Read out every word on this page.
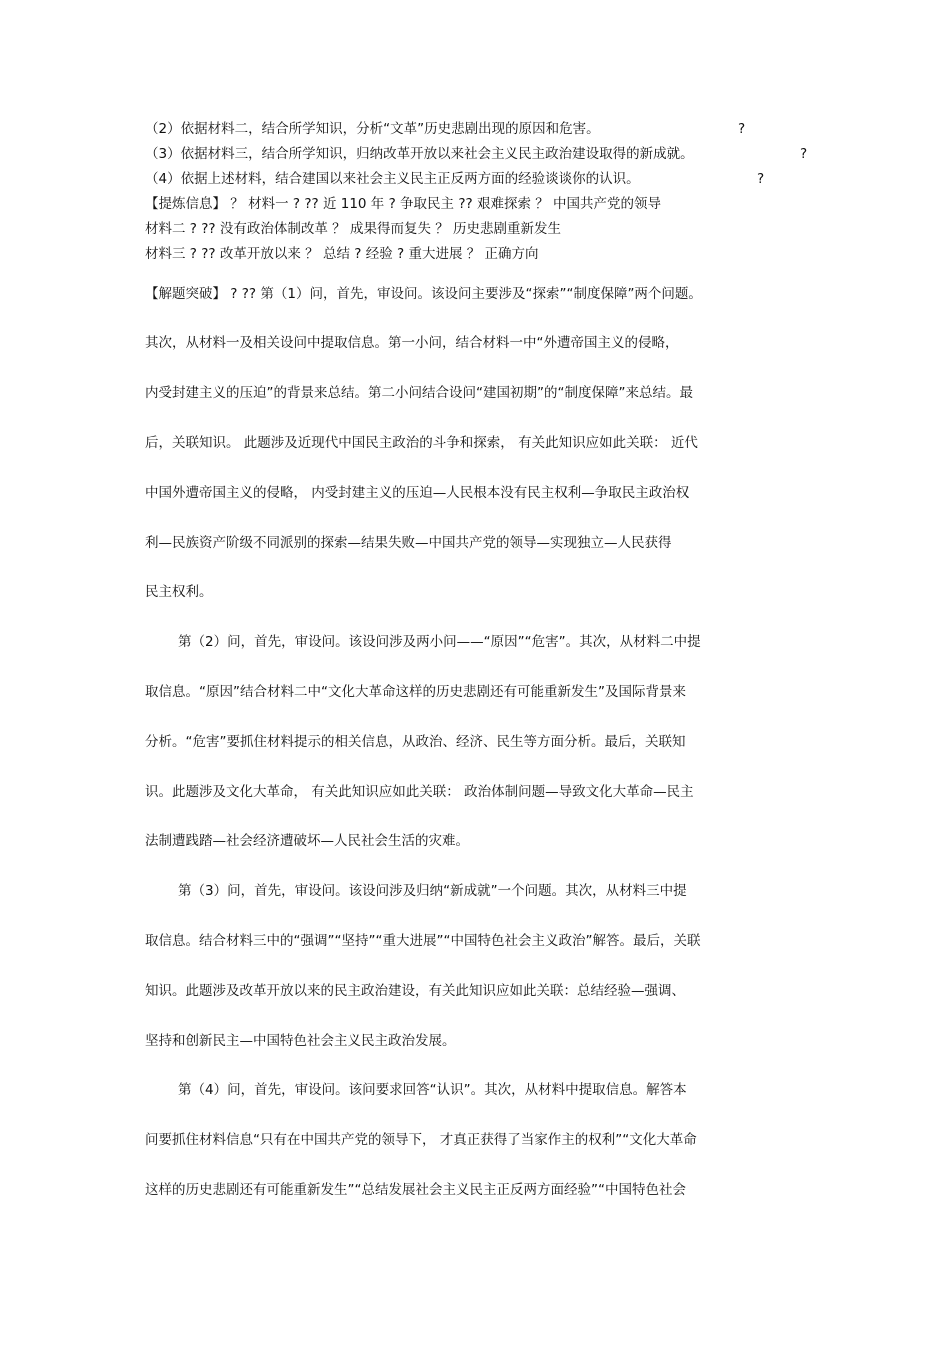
（2）依据材料二，结合所学知识，分析“文革”历史悲剧出现的原因和危害。	?
（3）依据材料三，结合所学知识，归纳改革开放以来社会主义民主政治建设取得的新成就。	?
（4）依据上述材料，结合建国以来社会主义民主正反两方面的经验谈谈你的认识。	?
【提炼信息】 ？ 材料一 ? ?? 近 110 年 ? 争取民主 ?? 艰难探索 ？ 中国共产党的领导
材料二 ? ?? 没有政治体制改革 ？ 成果得而复失 ？ 历史悲剧重新发生
材料三 ? ?? 改革开放以来 ？ 总结 ? 经验 ? 重大进展 ？ 正确方向
【解题突破】 ? ?? 第（1）问，首先，审设问。该设问主要涉及“探索”“制度保障”两个问题。
其次，从材料一及相关设问中提取信息。第一小问，结合材料一中“外遭帝国主义的侵略，
内受封建主义的压迫”的背景来总结。第二小问结合设问“建国初期”的“制度保障”来总结。最
后，关联知识。 此题涉及近现代中国民主政治的斗争和探索， 有关此知识应如此关联： 近代
中国外遭帝国主义的侵略， 内受封建主义的压迫—人民根本没有民主权利—争取民主政治权
利—民族资产阶级不同派别的探索—结果失败—中国共产党的领导—实现独立—人民获得
民主权利。
第（2）问，首先，审设问。该设问涉及两小问——“原因”“危害”。其次，从材料二中提
取信息。“原因”结合材料二中“文化大革命这样的历史悲剧还有可能重新发生”及国际背景来
分析。“危害”要抓住材料提示的相关信息，从政治、经济、民生等方面分析。最后，关联知
识。此题涉及文化大革命， 有关此知识应如此关联： 政治体制问题—导致文化大革命—民主
法制遭践踏—社会经济遭破坏—人民社会生活的灾难。
第（3）问，首先，审设问。该设问涉及归纳“新成就”一个问题。其次，从材料三中提
取信息。结合材料三中的“强调”“坚持”“重大进展”“中国特色社会主义政治”解答。最后，关联
知识。此题涉及改革开放以来的民主政治建设，有关此知识应如此关联：总结经验—强调、
坚持和创新民主—中国特色社会主义民主政治发展。
第（4）问，首先，审设问。该问要求回答“认识”。其次，从材料中提取信息。解答本
问要抓住材料信息“只有在中国共产党的领导下， 才真正获得了当家作主的权利”“文化大革命
这样的历史悲剧还有可能重新发生”“总结发展社会主义民主正反两方面经验”“中国特色社会
